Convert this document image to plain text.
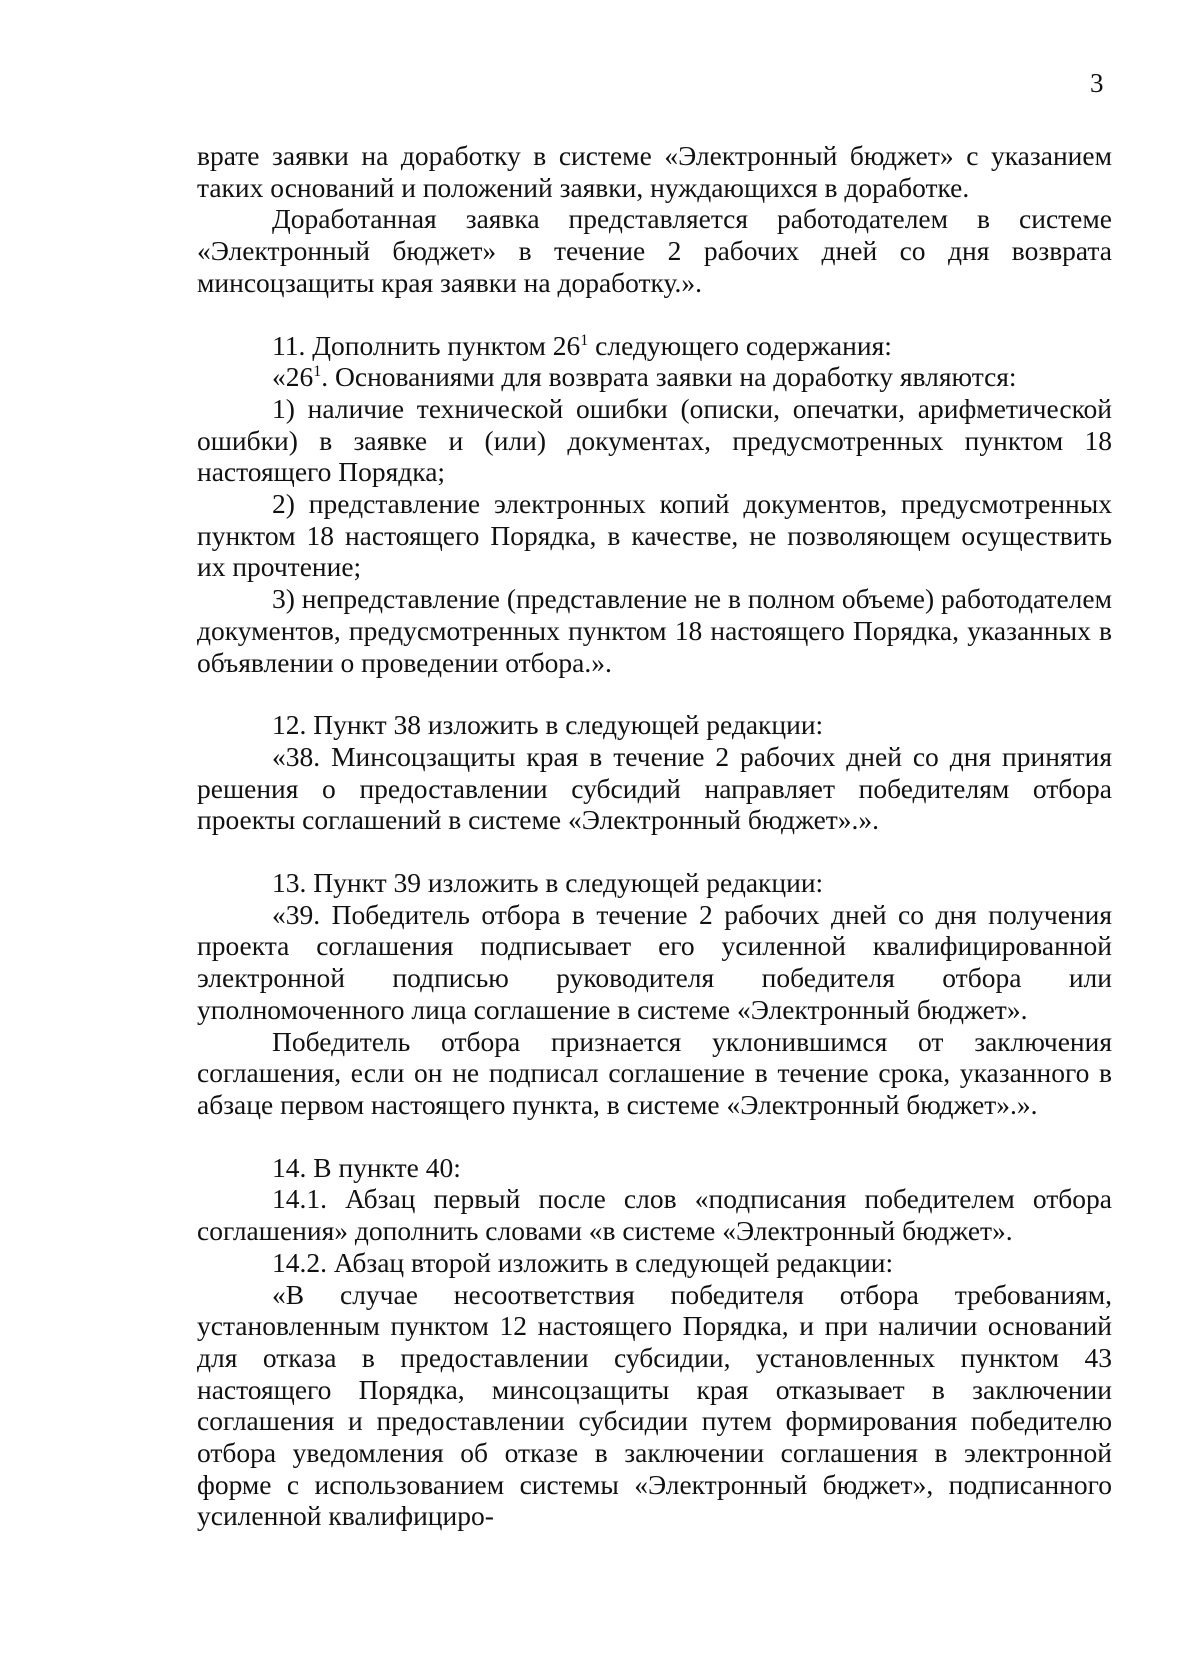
3

врате заявки на доработку в системе «Электронный бюджет» с указанием таких оснований и положений заявки, нуждающихся в доработке.

Доработанная заявка представляется работодателем в системе «Электронный бюджет» в течение 2 рабочих дней со дня возврата минсоцзащиты края заявки на доработку.».

11. Дополнить пунктом $26^1$ следующего содержания:

«$26^1$. Основаниями для возврата заявки на доработку являются:

1) наличие технической ошибки (описки, опечатки, арифметической ошибки) в заявке и (или) документах, предусмотренных пунктом 18 настоящего Порядка;

2) представление электронных копий документов, предусмотренных пунктом 18 настоящего Порядка, в качестве, не позволяющем осуществить их прочтение;

3) непредставление (представление не в полном объеме) работодателем документов, предусмотренных пунктом 18 настоящего Порядка, указанных в объявлении о проведении отбора.».

12. Пункт 38 изложить в следующей редакции:

«38. Минсоцзащиты края в течение 2 рабочих дней со дня принятия решения о предоставлении субсидий направляет победителям отбора проекты соглашений в системе «Электронный бюджет».».

13. Пункт 39 изложить в следующей редакции:

«39. Победитель отбора в течение 2 рабочих дней со дня получения проекта соглашения подписывает его усиленной квалифицированной электронной подписью руководителя победителя отбора или уполномоченного лица соглашение в системе «Электронный бюджет».

Победитель отбора признается уклонившимся от заключения соглашения, если он не подписал соглашение в течение срока, указанного в абзаце первом настоящего пункта, в системе «Электронный бюджет».».

14. В пункте 40:

14.1. Абзац первый после слов «подписания победителем отбора соглашения» дополнить словами «в системе «Электронный бюджет».

14.2. Абзац второй изложить в следующей редакции:

«В случае несоответствия победителя отбора требованиям, установленным пунктом 12 настоящего Порядка, и при наличии оснований для отказа в предоставлении субсидии, установленных пунктом 43 настоящего Порядка, минсоцзащиты края отказывает в заключении соглашения и предоставлении субсидии путем формирования победителю отбора уведомления об отказе в заключении соглашения в электронной форме с использованием системы «Электронный бюджет», подписанного усиленной квалифициро-
